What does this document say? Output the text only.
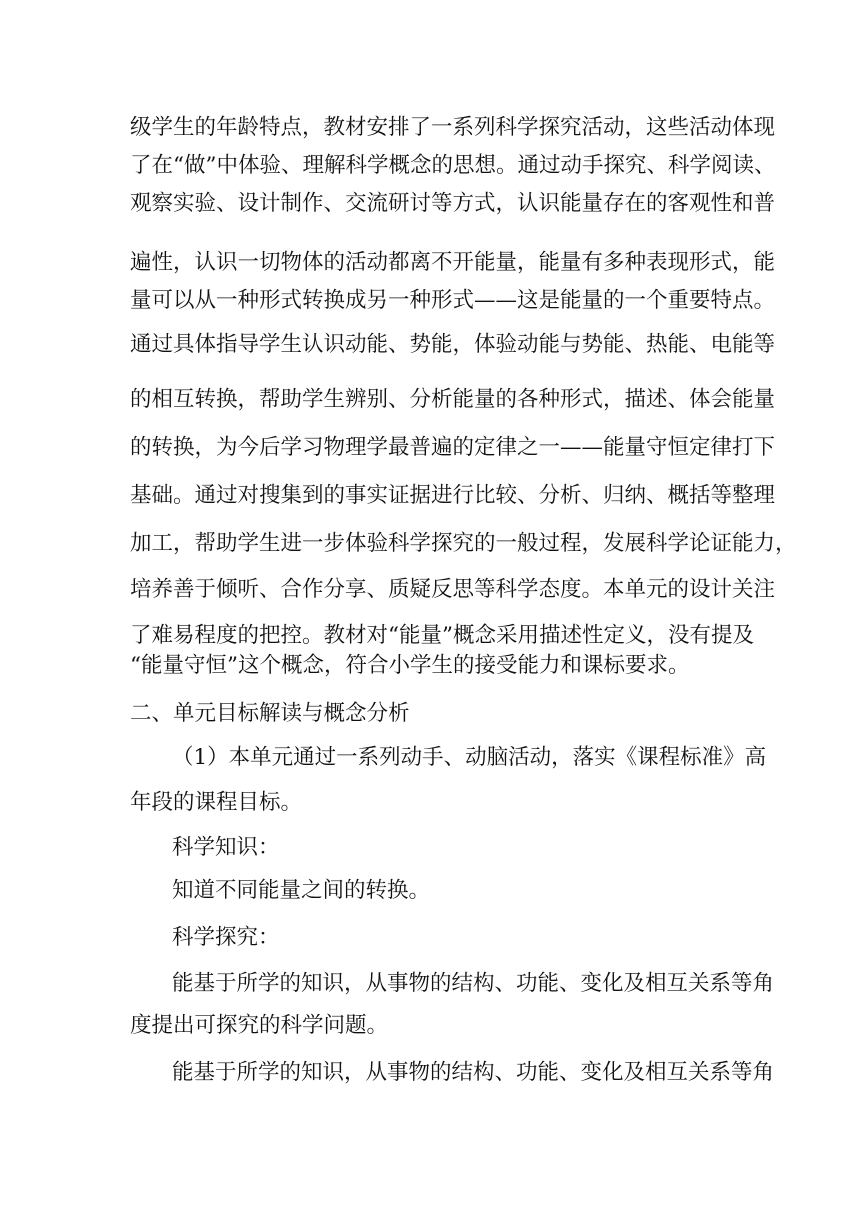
级学生的年龄特点，教材安排了一系列科学探究活动，这些活动体现
了在“做”中体验、理解科学概念的思想。通过动手探究、科学阅读、
观察实验、设计制作、交流研讨等方式，认识能量存在的客观性和普
遍性，认识一切物体的活动都离不开能量，能量有多种表现形式，能
量可以从一种形式转换成另一种形式——这是能量的一个重要特点。
通过具体指导学生认识动能、势能，体验动能与势能、热能、电能等
的相互转换，帮助学生辨别、分析能量的各种形式，描述、体会能量
的转换，为今后学习物理学最普遍的定律之一——能量守恒定律打下
基础。通过对搜集到的事实证据进行比较、分析、归纳、概括等整理
加工，帮助学生进一步体验科学探究的一般过程，发展科学论证能力，
培养善于倾听、合作分享、质疑反思等科学态度。本单元的设计关注
了难易程度的把控。教材对“能量”概念采用描述性定义，没有提及
“能量守恒”这个概念，符合小学生的接受能力和课标要求。
二、单元目标解读与概念分析
（1）本单元通过一系列动手、动脑活动，落实《课程标准》高
年段的课程目标。
科学知识：
知道不同能量之间的转换。
科学探究：
能基于所学的知识，从事物的结构、功能、变化及相互关系等角
度提出可探究的科学问题。
能基于所学的知识，从事物的结构、功能、变化及相互关系等角
